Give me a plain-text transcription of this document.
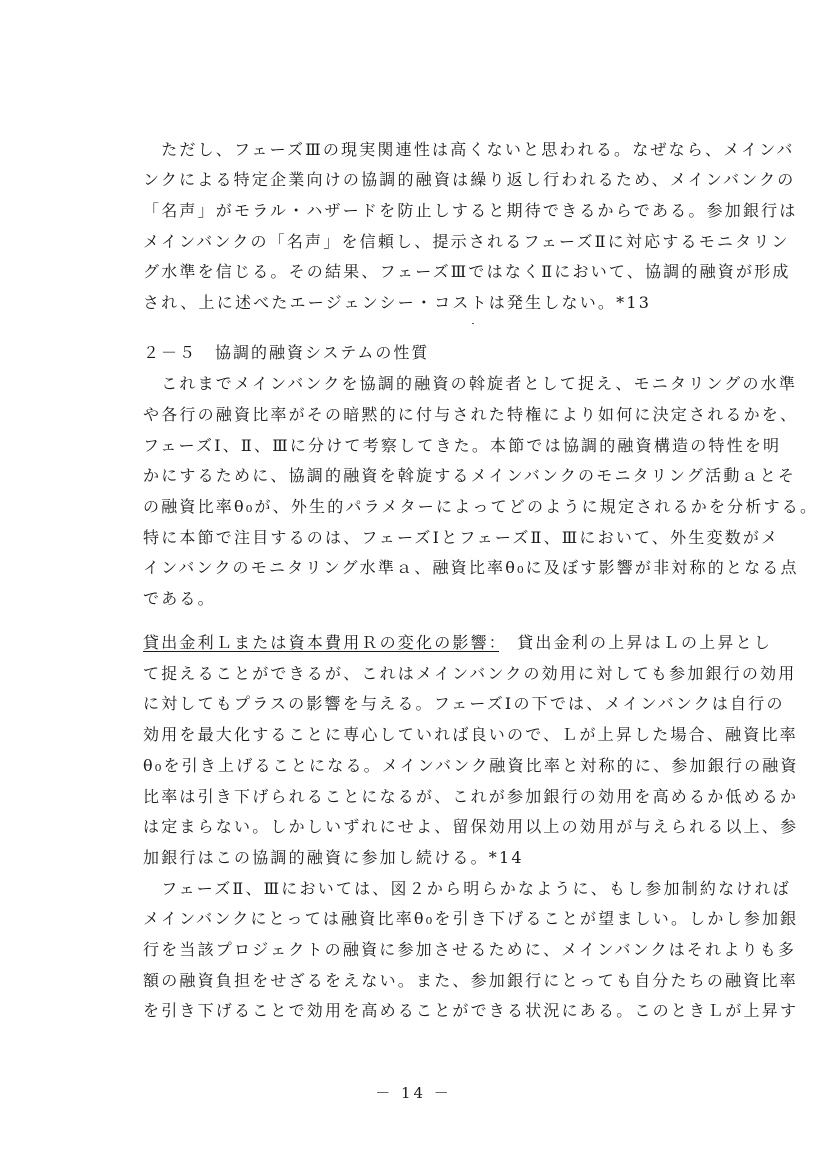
　ただし、フェーズⅢの現実関連性は高くないと思われる。なぜなら、メインバ
ンクによる特定企業向けの協調的融資は繰り返し行われるため、メインバンクの
「名声」がモラル・ハザードを防止しすると期待できるからである。参加銀行は
メインバンクの「名声」を信頼し、提示されるフェーズⅡに対応するモニタリン
グ水準を信じる。その結果、フェーズⅢではなくⅡにおいて、協調的融資が形成
され、上に述べたエージェンシー・コストは発生しない。*13
２－５　協調的融資システムの性質
　これまでメインバンクを協調的融資の斡旋者として捉え、モニタリングの水準
や各行の融資比率がその暗黙的に付与された特権により如何に決定されるかを、
フェーズⅠ、Ⅱ、Ⅲに分けて考察してきた。本節では協調的融資構造の特性を明
かにするために、協調的融資を斡旋するメインバンクのモニタリング活動ａとそ
の融資比率θ₀が、外生的パラメターによってどのように規定されるかを分析する。
特に本節で注目するのは、フェーズⅠとフェーズⅡ、Ⅲにおいて、外生変数がメ
インバンクのモニタリング水準ａ、融資比率θ₀に及ぼす影響が非対称的となる点
である。
貸出金利Ｌまたは資本費用Ｒの変化の影響：　貸出金利の上昇はＬの上昇とし
て捉えることができるが、これはメインバンクの効用に対しても参加銀行の効用
に対してもプラスの影響を与える。フェーズⅠの下では、メインバンクは自行の
効用を最大化することに専心していれば良いので、Ｌが上昇した場合、融資比率
θ₀を引き上げることになる。メインバンク融資比率と対称的に、参加銀行の融資
比率は引き下げられることになるが、これが参加銀行の効用を高めるか低めるか
は定まらない。しかしいずれにせよ、留保効用以上の効用が与えられる以上、参
加銀行はこの協調的融資に参加し続ける。*14
　フェーズⅡ、Ⅲにおいては、図２から明らかなように、もし参加制約なければ
メインバンクにとっては融資比率θ₀を引き下げることが望ましい。しかし参加銀
行を当該プロジェクトの融資に参加させるために、メインバンクはそれよりも多
額の融資負担をせざるをえない。また、参加銀行にとっても自分たちの融資比率
を引き下げることで効用を高めることができる状況にある。このときＬが上昇す
－ 14 －
